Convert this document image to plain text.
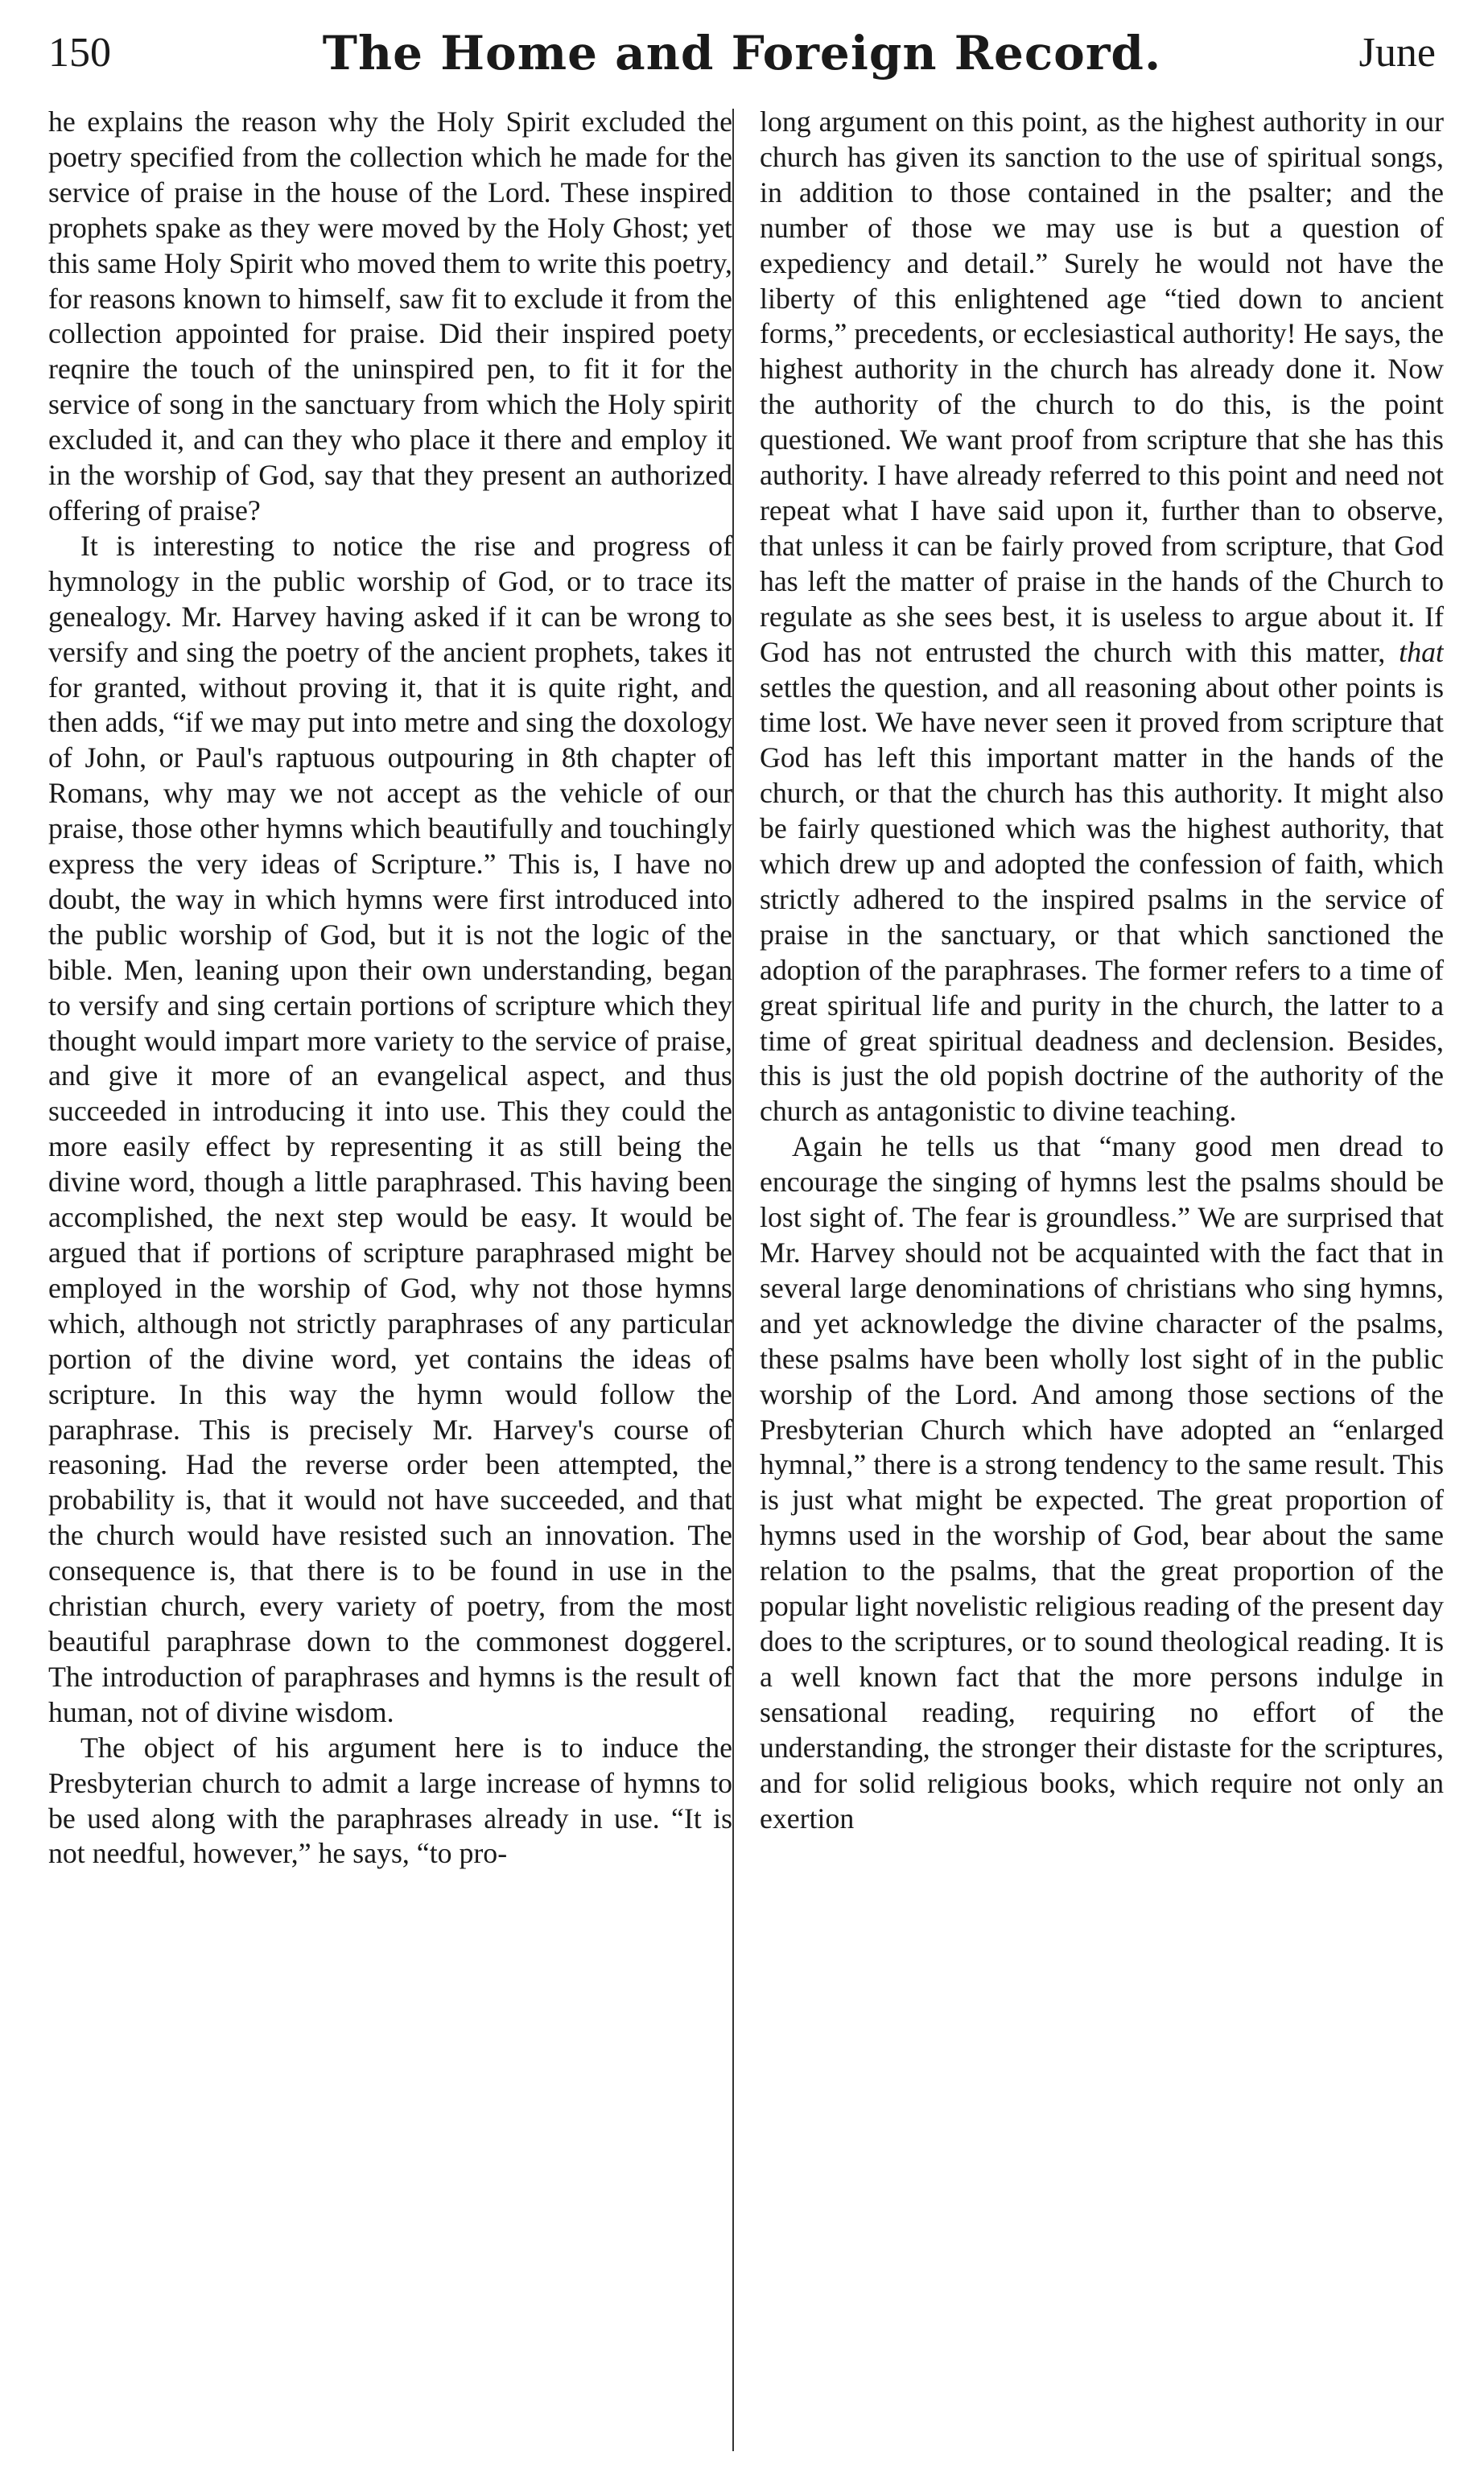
150	The Home and Foreign Record.	June

he explains the reason why the Holy Spirit excluded the poetry specified from the collection which he made for the service of praise in the house of the Lord. These inspired prophets spake as they were moved by the Holy Ghost; yet this same Holy Spirit who moved them to write this poetry, for reasons known to himself, saw fit to exclude it from the collection appointed for praise. Did their inspired poety reqnire the touch of the uninspired pen, to fit it for the service of song in the sanctuary from which the Holy spirit excluded it, and can they who place it there and employ it in the worship of God, say that they present an authorized offering of praise?

It is interesting to notice the rise and progress of hymnology in the public worship of God, or to trace its genealogy. Mr. Harvey having asked if it can be wrong to versify and sing the poetry of the ancient prophets, takes it for granted, without proving it, that it is quite right, and then adds, “if we may put into metre and sing the doxology of John, or Paul's raptuous outpouring in 8th chapter of Romans, why may we not accept as the vehicle of our praise, those other hymns which beautifully and touchingly express the very ideas of Scripture.” This is, I have no doubt, the way in which hymns were first introduced into the public worship of God, but it is not the logic of the bible. Men, leaning upon their own understanding, began to versify and sing certain portions of scripture which they thought would impart more variety to the service of praise, and give it more of an evangelical aspect, and thus succeeded in introducing it into use. This they could the more easily effect by representing it as still being the divine word, though a little paraphrased. This having been accomplished, the next step would be easy. It would be argued that if portions of scripture paraphrased might be employed in the worship of God, why not those hymns which, although not strictly paraphrases of any particular portion of the divine word, yet contains the ideas of scripture. In this way the hymn would follow the paraphrase. This is precisely Mr. Harvey's course of reasoning. Had the reverse order been attempted, the probability is, that it would not have succeeded, and that the church would have resisted such an innovation. The consequence is, that there is to be found in use in the christian church, every variety of poetry, from the most beautiful paraphrase down to the commonest doggerel. The introduction of paraphrases and hymns is the result of human, not of divine wisdom.

The object of his argument here is to induce the Presbyterian church to admit a large increase of hymns to be used along with the paraphrases already in use. “It is not needful, however,” he says, “to pro-

long argument on this point, as the highest authority in our church has given its sanction to the use of spiritual songs, in addition to those contained in the psalter; and the number of those we may use is but a question of expediency and detail.” Surely he would not have the liberty of this enlightened age “tied down to ancient forms,” precedents, or ecclesiastical authority! He says, the highest authority in the church has already done it. Now the authority of the church to do this, is the point questioned. We want proof from scripture that she has this authority. I have already referred to this point and need not repeat what I have said upon it, further than to observe, that unless it can be fairly proved from scripture, that God has left the matter of praise in the hands of the Church to regulate as she sees best, it is useless to argue about it. If God has not entrusted the church with this matter, that settles the question, and all reasoning about other points is time lost. We have never seen it proved from scripture that God has left this important matter in the hands of the church, or that the church has this authority. It might also be fairly questioned which was the highest authority, that which drew up and adopted the confession of faith, which strictly adhered to the inspired psalms in the service of praise in the sanctuary, or that which sanctioned the adoption of the paraphrases. The former refers to a time of great spiritual life and purity in the church, the latter to a time of great spiritual deadness and declension. Besides, this is just the old popish doctrine of the authority of the church as antagonistic to divine teaching.

Again he tells us that “many good men dread to encourage the singing of hymns lest the psalms should be lost sight of. The fear is groundless.” We are surprised that Mr. Harvey should not be acquainted with the fact that in several large denominations of christians who sing hymns, and yet acknowledge the divine character of the psalms, these psalms have been wholly lost sight of in the public worship of the Lord. And among those sections of the Presbyterian Church which have adopted an “enlarged hymnal,” there is a strong tendency to the same result. This is just what might be expected. The great proportion of hymns used in the worship of God, bear about the same relation to the psalms, that the great proportion of the popular light novelistic religious reading of the present day does to the scriptures, or to sound theological reading. It is a well known fact that the more persons indulge in sensational reading, requiring no effort of the understanding, the stronger their distaste for the scriptures, and for solid religious books, which require not only an exertion
